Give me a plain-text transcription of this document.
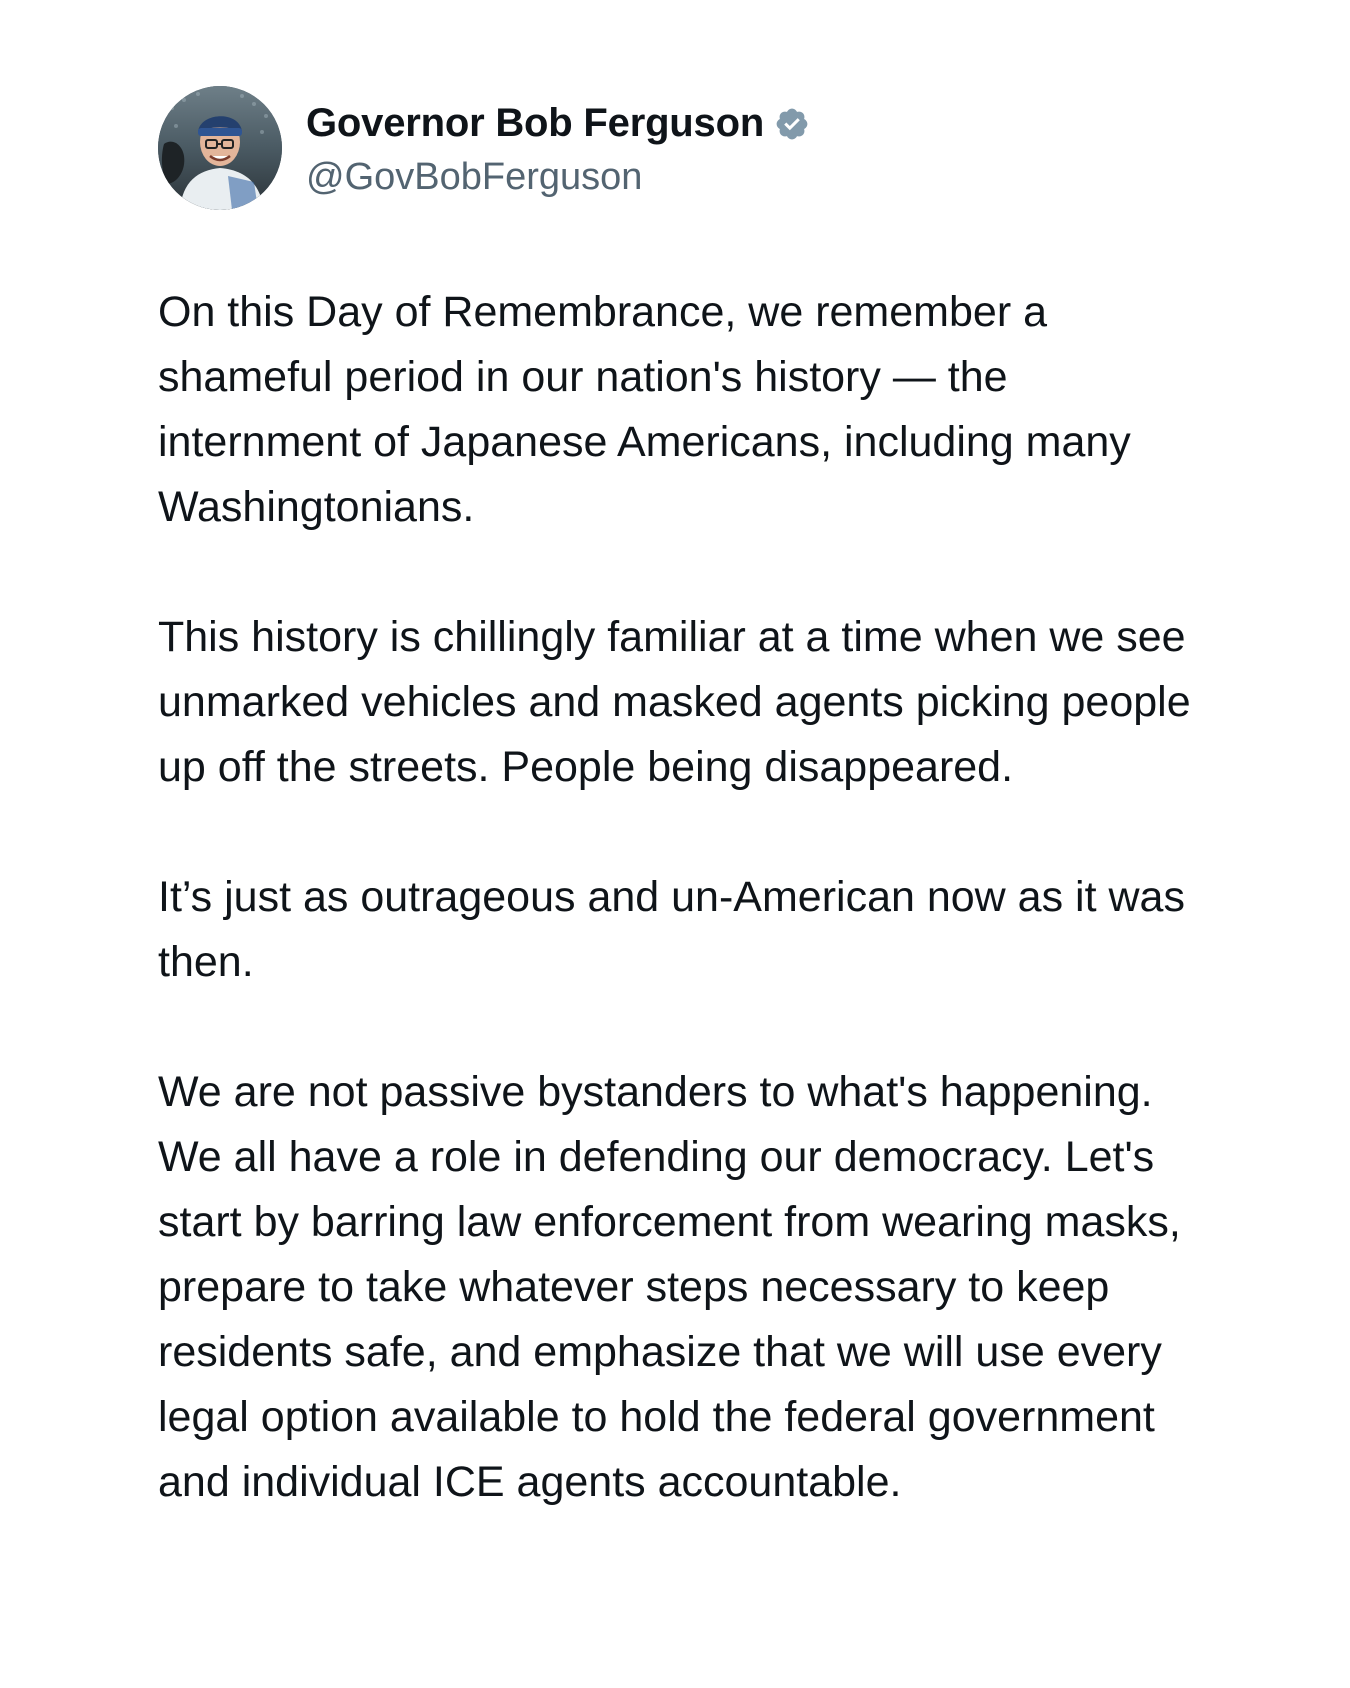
Governor Bob Ferguson
@GovBobFerguson

On this Day of Remembrance, we remember a shameful period in our nation's history — the internment of Japanese Americans, including many Washingtonians.

This history is chillingly familiar at a time when we see unmarked vehicles and masked agents picking people up off the streets. People being disappeared.

It’s just as outrageous and un-American now as it was then.

We are not passive bystanders to what's happening. We all have a role in defending our democracy. Let's start by barring law enforcement from wearing masks, prepare to take whatever steps necessary to keep residents safe, and emphasize that we will use every legal option available to hold the federal government and individual ICE agents accountable.
